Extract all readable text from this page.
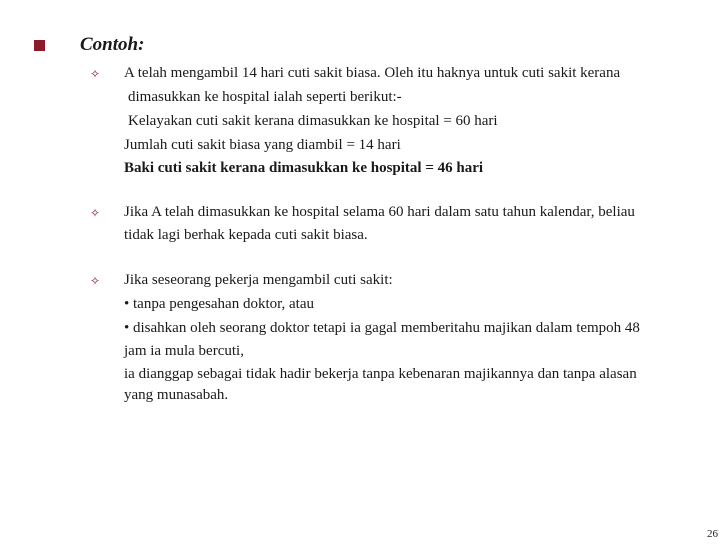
Contoh:
✧ A telah mengambil 14 hari cuti sakit biasa. Oleh itu haknya untuk cuti sakit kerana
dimasukkan ke hospital ialah seperti berikut:-
Kelayakan cuti sakit kerana dimasukkan ke hospital = 60 hari
Jumlah cuti sakit biasa yang diambil = 14 hari
Baki cuti sakit kerana dimasukkan ke hospital = 46 hari
✧ Jika A telah dimasukkan ke hospital selama 60 hari dalam satu tahun kalendar, beliau
tidak lagi berhak kepada cuti sakit biasa.
✧ Jika seseorang pekerja mengambil cuti sakit:
• tanpa pengesahan doktor, atau
• disahkan oleh seorang doktor tetapi ia gagal memberitahu majikan dalam tempoh 48
jam ia mula bercuti,
ia dianggap sebagai tidak hadir bekerja tanpa kebenaran majikannya dan tanpa alasan
yang munasabah.
26
